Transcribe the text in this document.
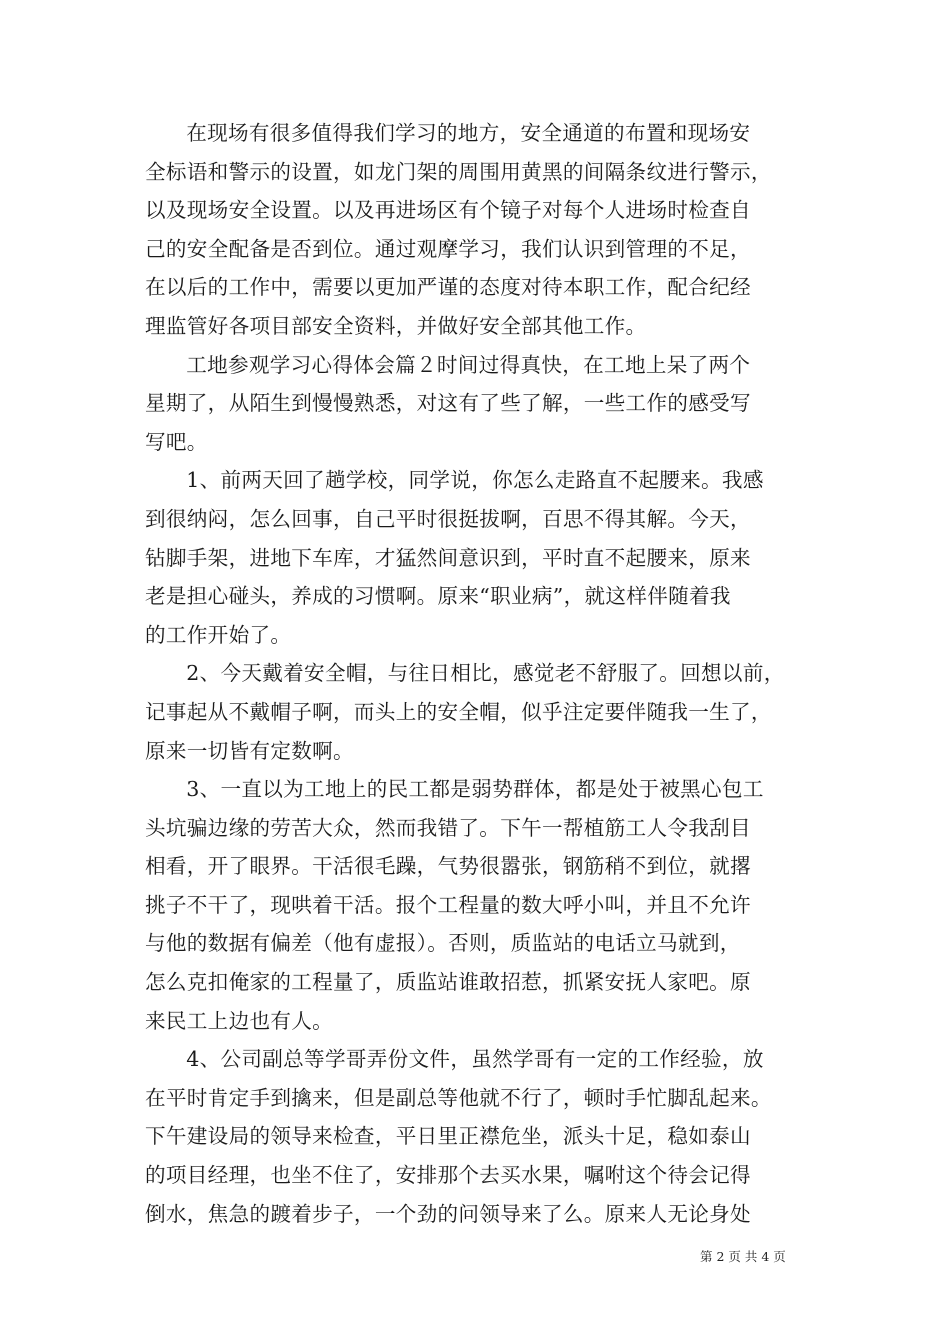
在现场有很多值得我们学习的地方，安全通道的布置和现场安
全标语和警示的设置，如龙门架的周围用黄黑的间隔条纹进行警示，
以及现场安全设置。以及再进场区有个镜子对每个人进场时检查自
己的安全配备是否到位。通过观摩学习，我们认识到管理的不足，
在以后的工作中，需要以更加严谨的态度对待本职工作，配合纪经
理监管好各项目部安全资料，并做好安全部其他工作。

工地参观学习心得体会篇２时间过得真快，在工地上呆了两个
星期了，从陌生到慢慢熟悉，对这有了些了解，一些工作的感受写
写吧。

1、前两天回了趟学校，同学说，你怎么走路直不起腰来。我感
到很纳闷，怎么回事，自己平时很挺拔啊，百思不得其解。今天，
钻脚手架，进地下车库，才猛然间意识到，平时直不起腰来，原来
老是担心碰头，养成的习惯啊。原来“职业病”，就这样伴随着我
的工作开始了。

2、今天戴着安全帽，与往日相比，感觉老不舒服了。回想以前，
记事起从不戴帽子啊，而头上的安全帽，似乎注定要伴随我一生了，
原来一切皆有定数啊。

3、一直以为工地上的民工都是弱势群体，都是处于被黑心包工
头坑骗边缘的劳苦大众，然而我错了。下午一帮植筋工人令我刮目
相看，开了眼界。干活很毛躁，气势很嚣张，钢筋稍不到位，就撂
挑子不干了，现哄着干活。报个工程量的数大呼小叫，并且不允许
与他的数据有偏差（他有虚报）。否则，质监站的电话立马就到，
怎么克扣俺家的工程量了，质监站谁敢招惹，抓紧安抚人家吧。原
来民工上边也有人。

4、公司副总等学哥弄份文件，虽然学哥有一定的工作经验，放
在平时肯定手到擒来，但是副总等他就不行了，顿时手忙脚乱起来。
下午建设局的领导来检查，平日里正襟危坐，派头十足，稳如泰山
的项目经理，也坐不住了，安排那个去买水果，嘱咐这个待会记得
倒水，焦急的踱着步子，一个劲的问领导来了么。原来人无论身处

第 2 页 共 4 页
